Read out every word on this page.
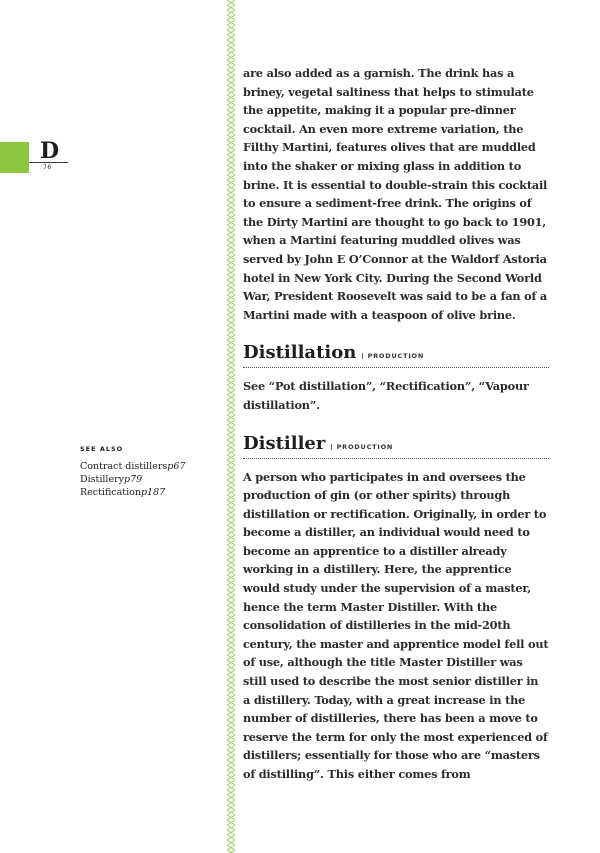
D
76
SEE ALSO
Contract distillersp67
Distilleryp79
Rectificationp187

are also added as a garnish. The drink has a briney, vegetal saltiness that helps to stimulate the appetite, making it a popular pre-dinner cocktail. An even more extreme variation, the Filthy Martini, features olives that are muddled into the shaker or mixing glass in addition to brine. It is essential to double-strain this cocktail to ensure a sediment-free drink. The origins of the Dirty Martini are thought to go back to 1901, when a Martini featuring muddled olives was served by John E O’Connor at the Waldorf Astoria hotel in New York City. During the Second World War, President Roosevelt was said to be a fan of a Martini made with a teaspoon of olive brine.

Distillation | PRODUCTION

See “Pot distillation”, “Rectification”, “Vapour distillation”.

Distiller | PRODUCTION

A person who participates in and oversees the production of gin (or other spirits) through distillation or rectification. Originally, in order to become a distiller, an individual would need to become an apprentice to a distiller already working in a distillery. Here, the apprentice would study under the supervision of a master, hence the term Master Distiller. With the consolidation of distilleries in the mid-20th century, the master and apprentice model fell out of use, although the title Master Distiller was still used to describe the most senior distiller in a distillery. Today, with a great increase in the number of distilleries, there has been a move to reserve the term for only the most experienced of distillers; essentially for those who are “masters of distilling”. This either comes from
